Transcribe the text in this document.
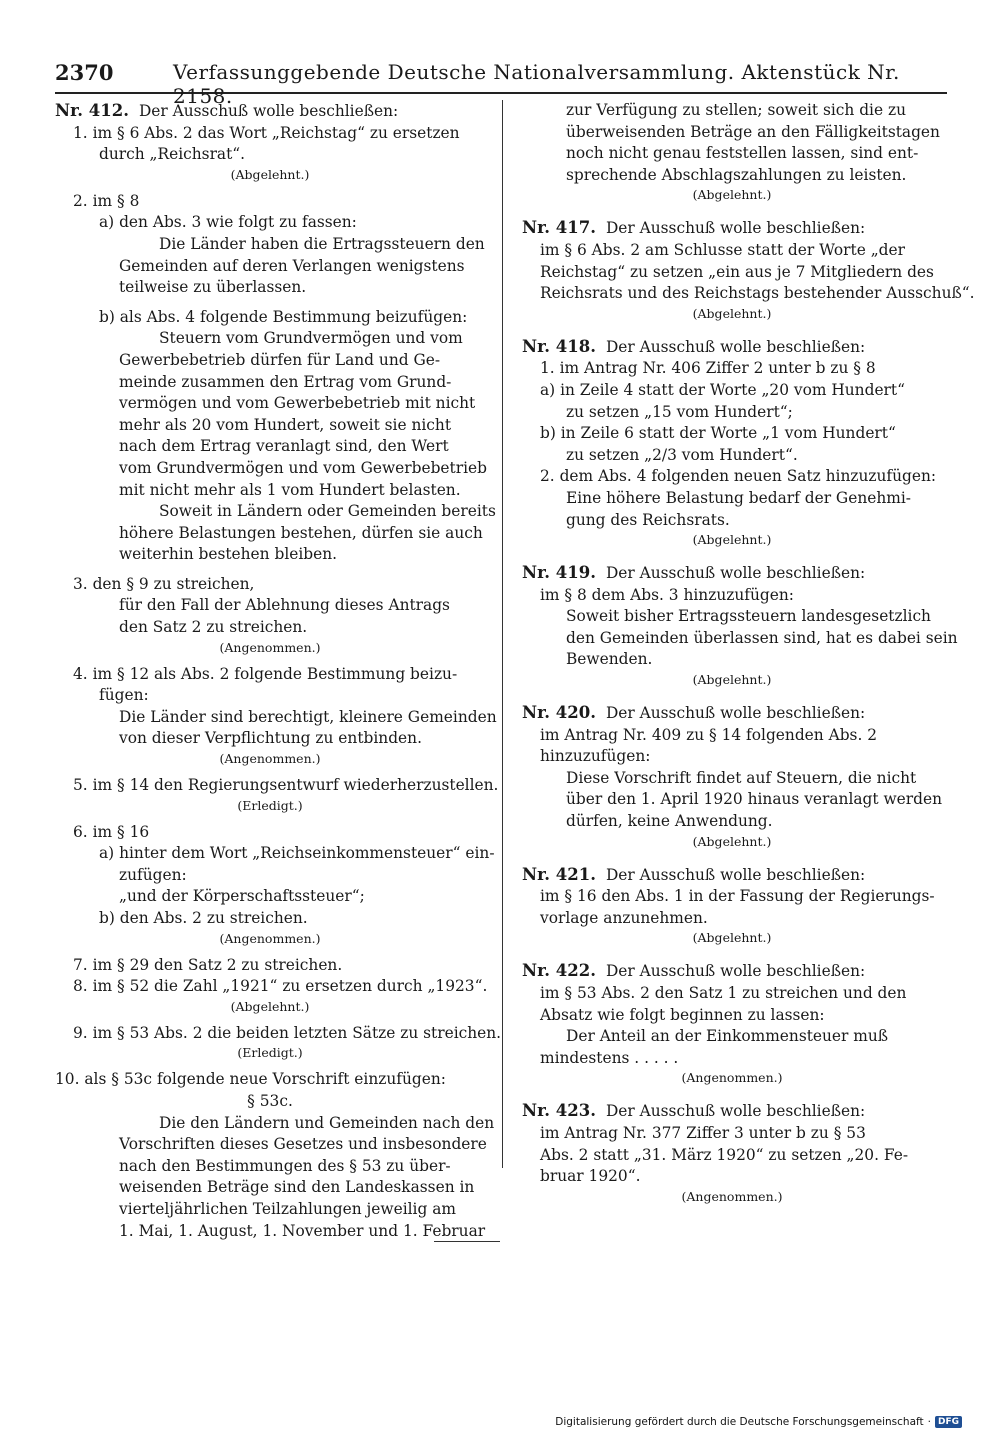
2370	Verfassunggebende Deutsche Nationalversammlung. Aktenstück Nr. 2158.

Nr. 412. Der Ausschuß wolle beschließen:

1. im § 6 Abs. 2 das Wort „Reichstag“ zu ersetzen

durch „Reichsrat“.

(Abgelehnt.)

2. im § 8

a) den Abs. 3 wie folgt zu fassen:

Die Länder haben die Ertragssteuern den

Gemeinden auf deren Verlangen wenigstens

teilweise zu überlassen.

b) als Abs. 4 folgende Bestimmung beizufügen:

Steuern vom Grundvermögen und vom

Gewerbebetrieb dürfen für Land und Ge-

meinde zusammen den Ertrag vom Grund-

vermögen und vom Gewerbebetrieb mit nicht

mehr als 20 vom Hundert, soweit sie nicht

nach dem Ertrag veranlagt sind, den Wert

vom Grundvermögen und vom Gewerbebetrieb

mit nicht mehr als 1 vom Hundert belasten.

Soweit in Ländern oder Gemeinden bereits

höhere Belastungen bestehen, dürfen sie auch

weiterhin bestehen bleiben.

3. den § 9 zu streichen,

für den Fall der Ablehnung dieses Antrags

den Satz 2 zu streichen.

(Angenommen.)

4. im § 12 als Abs. 2 folgende Bestimmung beizu-

fügen:

Die Länder sind berechtigt, kleinere Gemeinden

von dieser Verpflichtung zu entbinden.

(Angenommen.)

5. im § 14 den Regierungsentwurf wiederherzustellen.

(Erledigt.)

6. im § 16

a) hinter dem Wort „Reichseinkommensteuer“ ein-

zufügen:

„und der Körperschaftssteuer“;

b) den Abs. 2 zu streichen.

(Angenommen.)

7. im § 29 den Satz 2 zu streichen.

8. im § 52 die Zahl „1921“ zu ersetzen durch „1923“.

(Abgelehnt.)

9. im § 53 Abs. 2 die beiden letzten Sätze zu streichen.

(Erledigt.)

10. als § 53c folgende neue Vorschrift einzufügen:

§ 53c.

Die den Ländern und Gemeinden nach den

Vorschriften dieses Gesetzes und insbesondere

nach den Bestimmungen des § 53 zu über-

weisenden Beträge sind den Landeskassen in

vierteljährlichen Teilzahlungen jeweilig am

1. Mai, 1. August, 1. November und 1. Februar

zur Verfügung zu stellen; soweit sich die zu

überweisenden Beträge an den Fälligkeitstagen

noch nicht genau feststellen lassen, sind ent-

sprechende Abschlagszahlungen zu leisten.

(Abgelehnt.)

Nr. 417. Der Ausschuß wolle beschließen:

im § 6 Abs. 2 am Schlusse statt der Worte „der

Reichstag“ zu setzen „ein aus je 7 Mitgliedern des

Reichsrats und des Reichstags bestehender Ausschuß“.

(Abgelehnt.)

Nr. 418. Der Ausschuß wolle beschließen:

1. im Antrag Nr. 406 Ziffer 2 unter b zu § 8

a) in Zeile 4 statt der Worte „20 vom Hundert“

zu setzen „15 vom Hundert“;

b) in Zeile 6 statt der Worte „1 vom Hundert“

zu setzen „2/3 vom Hundert“.

2. dem Abs. 4 folgenden neuen Satz hinzuzufügen:

Eine höhere Belastung bedarf der Genehmi-

gung des Reichsrats.

(Abgelehnt.)

Nr. 419. Der Ausschuß wolle beschließen:

im § 8 dem Abs. 3 hinzuzufügen:

Soweit bisher Ertragssteuern landesgesetzlich

den Gemeinden überlassen sind, hat es dabei sein

Bewenden.

(Abgelehnt.)

Nr. 420. Der Ausschuß wolle beschließen:

im Antrag Nr. 409 zu § 14 folgenden Abs. 2

hinzuzufügen:

Diese Vorschrift findet auf Steuern, die nicht

über den 1. April 1920 hinaus veranlagt werden

dürfen, keine Anwendung.

(Abgelehnt.)

Nr. 421. Der Ausschuß wolle beschließen:

im § 16 den Abs. 1 in der Fassung der Regierungs-

vorlage anzunehmen.

(Abgelehnt.)

Nr. 422. Der Ausschuß wolle beschließen:

im § 53 Abs. 2 den Satz 1 zu streichen und den

Absatz wie folgt beginnen zu lassen:

Der Anteil an der Einkommensteuer muß

mindestens . . . . .

(Angenommen.)

Nr. 423. Der Ausschuß wolle beschließen:

im Antrag Nr. 377 Ziffer 3 unter b zu § 53

Abs. 2 statt „31. März 1920“ zu setzen „20. Fe-

bruar 1920“.

(Angenommen.)

Digitalisierung gefördert durch die Deutsche Forschungsgemeinschaft · DFG
